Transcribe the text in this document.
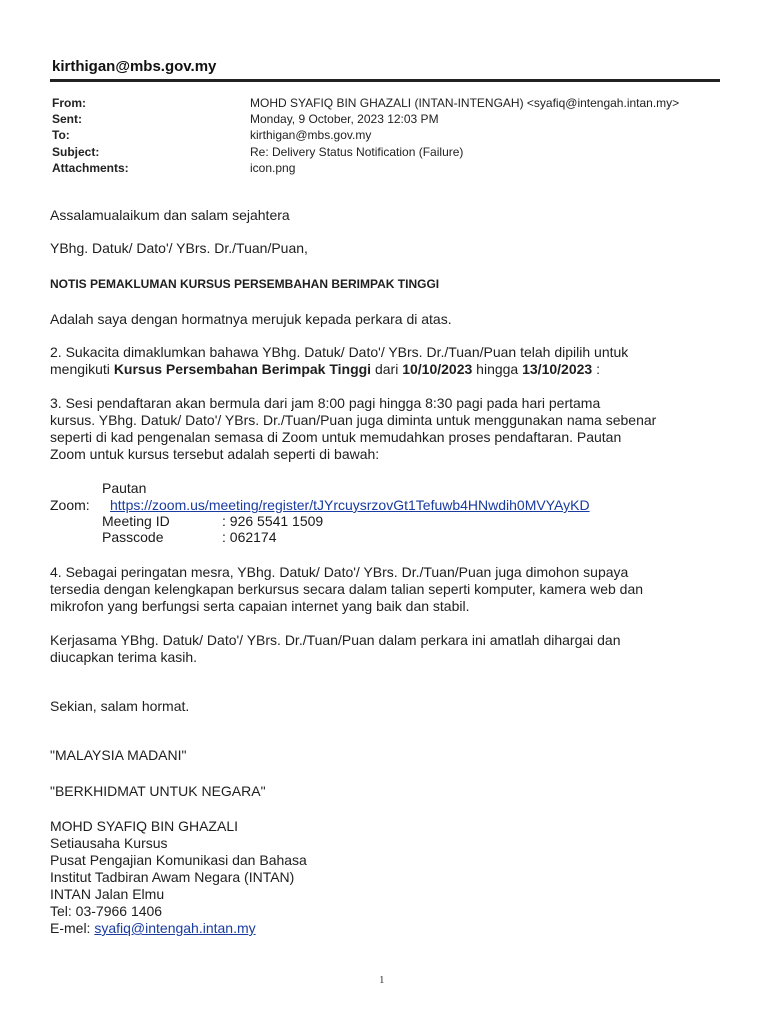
kirthigan@mbs.gov.my
From:	MOHD SYAFIQ BIN GHAZALI (INTAN-INTENGAH) <syafiq@intengah.intan.my>
Sent:	Monday, 9 October, 2023 12:03 PM
To:	kirthigan@mbs.gov.my
Subject:	Re: Delivery Status Notification (Failure)
Attachments:	icon.png
Assalamualaikum dan salam sejahtera
YBhg. Datuk/ Dato'/ YBrs. Dr./Tuan/Puan,
NOTIS PEMAKLUMAN KURSUS PERSEMBAHAN BERIMPAK TINGGI
Adalah saya dengan hormatnya merujuk kepada perkara di atas.
2. Sukacita dimaklumkan bahawa YBhg. Datuk/ Dato'/ YBrs. Dr./Tuan/Puan telah dipilih untuk
mengikuti Kursus Persembahan Berimpak Tinggi dari 10/10/2023 hingga 13/10/2023 :
3. Sesi pendaftaran akan bermula dari jam 8:00 pagi hingga 8:30 pagi pada hari pertama
kursus. YBhg. Datuk/ Dato'/ YBrs. Dr./Tuan/Puan juga diminta untuk menggunakan nama sebenar
seperti di kad pengenalan semasa di Zoom untuk memudahkan proses pendaftaran. Pautan
Zoom untuk kursus tersebut adalah seperti di bawah:
Pautan
Zoom: https://zoom.us/meeting/register/tJYrcuysrzovGt1Tefuwb4HNwdih0MVYAyKD
Meeting ID	: 926 5541 1509
Passcode	: 062174
4. Sebagai peringatan mesra, YBhg. Datuk/ Dato'/ YBrs. Dr./Tuan/Puan juga dimohon supaya
tersedia dengan kelengkapan berkursus secara dalam talian seperti komputer, kamera web dan
mikrofon yang berfungsi serta capaian internet yang baik dan stabil.
Kerjasama YBhg. Datuk/ Dato'/ YBrs. Dr./Tuan/Puan dalam perkara ini amatlah dihargai dan
diucapkan terima kasih.
Sekian, salam hormat.
"MALAYSIA MADANI"
"BERKHIDMAT UNTUK NEGARA"
MOHD SYAFIQ BIN GHAZALI
Setiausaha Kursus
Pusat Pengajian Komunikasi dan Bahasa
Institut Tadbiran Awam Negara (INTAN)
INTAN Jalan Elmu
Tel: 03-7966 1406
E-mel: syafiq@intengah.intan.my
1
